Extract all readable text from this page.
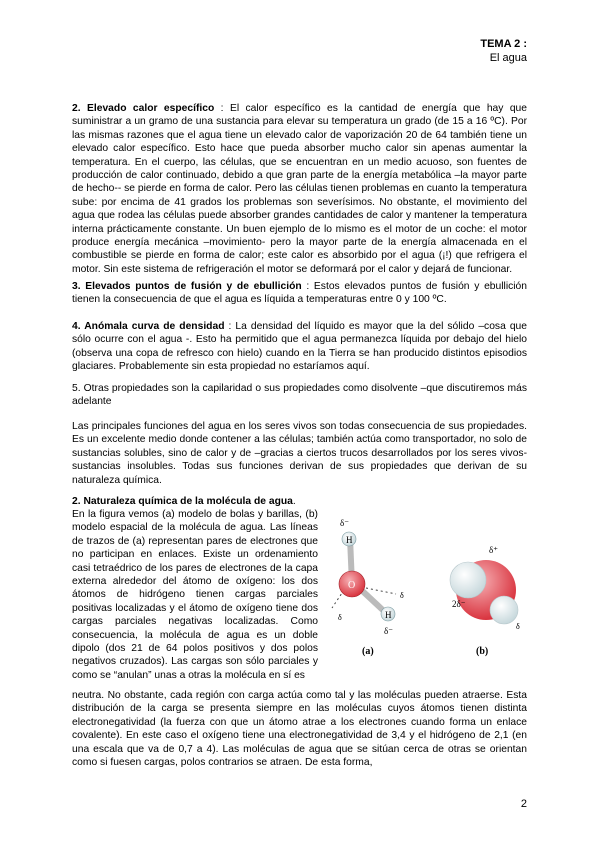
TEMA 2 :
El agua
2. Elevado calor específico : El calor específico es la cantidad de energía que hay que suministrar a un gramo de una sustancia para elevar su temperatura un grado (de 15 a 16 ºC). Por las mismas razones que el agua tiene un elevado calor de vaporización 20 de 64 también tiene un elevado calor específico. Esto hace que pueda absorber mucho calor sin apenas aumentar la temperatura. En el cuerpo, las células, que se encuentran en un medio acuoso, son fuentes de producción de calor continuado, debido a que gran parte de la energía metabólica –la mayor parte de hecho-- se pierde en forma de calor. Pero las células tienen problemas en cuanto la temperatura sube: por encima de 41 grados los problemas son severísimos. No obstante, el movimiento del agua que rodea las células puede absorber grandes cantidades de calor y mantener la temperatura interna prácticamente constante. Un buen ejemplo de lo mismo es el motor de un coche: el motor produce energía mecánica –movimiento- pero la mayor parte de la energía almacenada en el combustible se pierde en forma de calor; este calor es absorbido por el agua (¡!) que refrigera el motor. Sin este sistema de refrigeración el motor se deformará por el calor y dejará de funcionar.
3. Elevados puntos de fusión y de ebullición : Estos elevados puntos de fusión y ebullición tienen la consecuencia de que el agua es líquida a temperaturas entre 0 y 100 ºC.
4. Anómala curva de densidad : La densidad del líquido es mayor que la del sólido –cosa que sólo ocurre con el agua -. Esto ha permitido que el agua permanezca líquida por debajo del hielo (observa una copa de refresco con hielo) cuando en la Tierra se han producido distintos episodios glaciares. Probablemente sin esta propiedad no estaríamos aquí.
5. Otras propiedades son la capilaridad o sus propiedades como disolvente –que discutiremos más adelante
Las principales funciones del agua en los seres vivos son todas consecuencia de sus propiedades. Es un excelente medio donde contener a las células; también actúa como transportador, no solo de sustancias solubles, sino de calor y de –gracias a ciertos trucos desarrollados por los seres vivos- sustancias insolubles. Todas sus funciones derivan de sus propiedades que derivan de su naturaleza química.
2. Naturaleza química de la molécula de agua.
En la figura vemos (a) modelo de bolas y barillas, (b) modelo espacial de la molécula de agua. Las líneas de trazos de (a) representan pares de electrones que no participan en enlaces. Existe un ordenamiento casi tetraédrico de los pares de electrones de la capa externa alrededor del átomo de oxígeno: los dos átomos de hidrógeno tienen cargas parciales positivas localizadas y el átomo de oxígeno tiene dos cargas parciales negativas localizadas. Como consecuencia, la molécula de agua es un doble dipolo (dos 21 de 64 polos positivos y dos polos negativos cruzados). Las cargas son sólo parciales y como se “anulan” unas a otras la molécula en sí es
δ⁻
H
O
H
δ
δ
δ⁻
(a)
δ⁺
2δ⁻
δ
(b)
neutra. No obstante, cada región con carga actúa como tal y las moléculas pueden atraerse. Esta distribución de la carga se presenta siempre en las moléculas cuyos átomos tienen distinta electronegatividad (la fuerza con que un átomo atrae a los electrones cuando forma un enlace covalente). En este caso el oxígeno tiene una electronegatividad de 3,4 y el hidrógeno de 2,1 (en una escala que va de 0,7 a 4). Las moléculas de agua que se sitúan cerca de otras se orientan como si fuesen cargas, polos contrarios se atraen. De esta forma,
2
